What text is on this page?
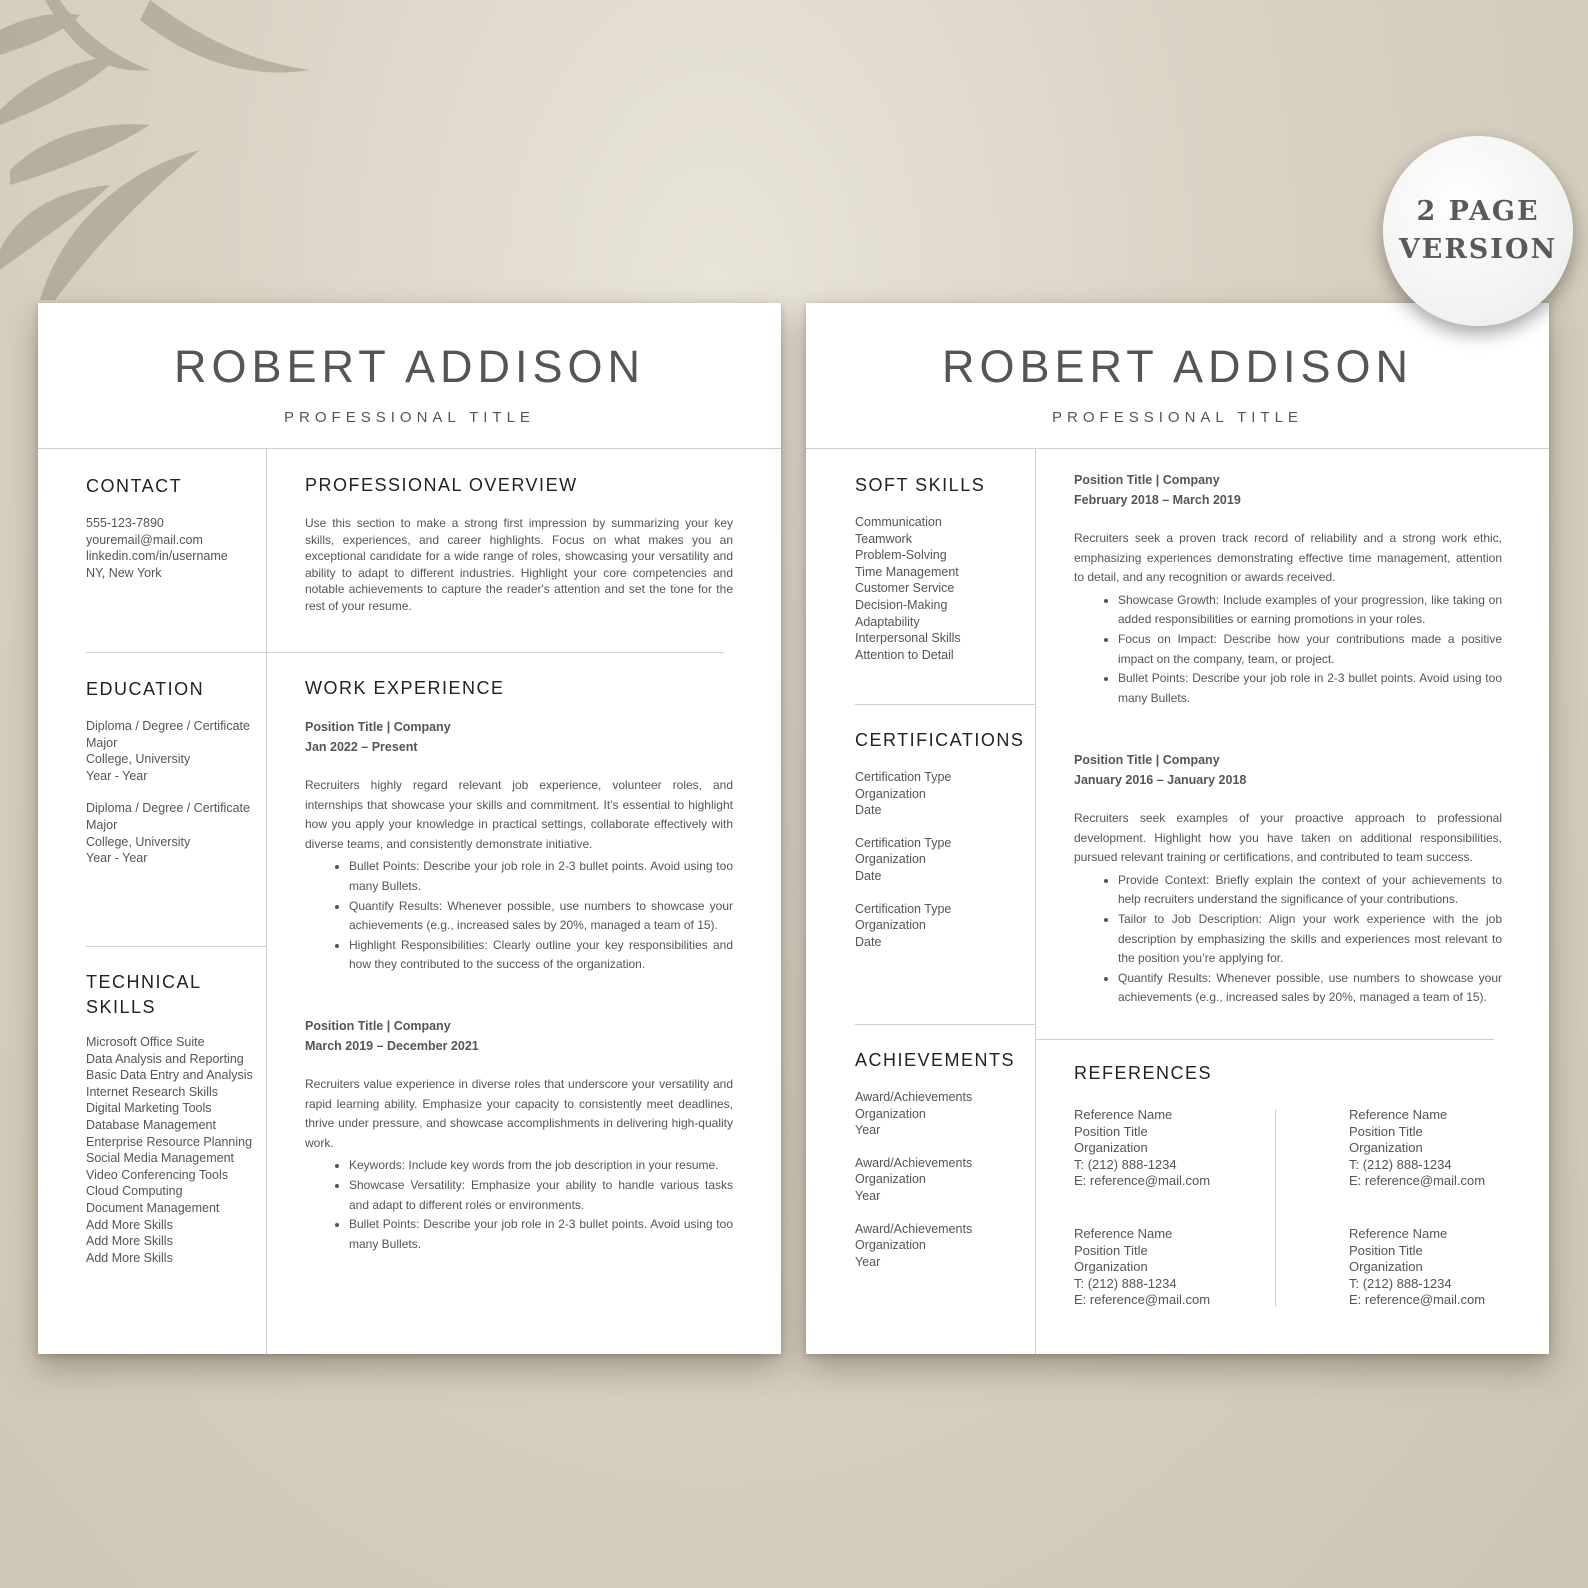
ROBERT ADDISON
PROFESSIONAL TITLE
CONTACT
555-123-7890
youremail@mail.com
linkedin.com/in/username
NY, New York
EDUCATION
Diploma / Degree / Certificate
Major
College, University
Year - Year
Diploma / Degree / Certificate
Major
College, University
Year - Year
TECHNICAL
SKILLS
Microsoft Office Suite
Data Analysis and Reporting
Basic Data Entry and Analysis
Internet Research Skills
Digital Marketing Tools
Database Management
Enterprise Resource Planning
Social Media Management
Video Conferencing Tools
Cloud Computing
Document Management
Add More Skills
Add More Skills
Add More Skills
PROFESSIONAL OVERVIEW

Use this section to make a strong first impression by summarizing your key skills, experiences, and career highlights. Focus on what makes you an exceptional candidate for a wide range of roles, showcasing your versatility and ability to adapt to different industries. Highlight your core competencies and notable achievements to capture the reader's attention and set the tone for the rest of your resume.

WORK EXPERIENCE
Position Title | Company
Jan 2022 – Present

Recruiters highly regard relevant job experience, volunteer roles, and internships that showcase your skills and commitment. It's essential to highlight how you apply your knowledge in practical settings, collaborate effectively with diverse teams, and consistently demonstrate initiative.

• Bullet Points: Describe your job role in 2-3 bullet points. Avoid using too many Bullets.
• Quantify Results: Whenever possible, use numbers to showcase your achievements (e.g., increased sales by 20%, managed a team of 15).
• Highlight Responsibilities: Clearly outline your key responsibilities and how they contributed to the success of the organization.
Position Title | Company
March 2019 – December 2021

Recruiters value experience in diverse roles that underscore your versatility and rapid learning ability. Emphasize your capacity to consistently meet deadlines, thrive under pressure, and showcase accomplishments in delivering high-quality work.

• Keywords: Include key words from the job description in your resume.
• Showcase Versatility: Emphasize your ability to handle various tasks and adapt to different roles or environments.
• Bullet Points: Describe your job role in 2-3 bullet points. Avoid using too many Bullets.
ROBERT ADDISON
PROFESSIONAL TITLE
SOFT SKILLS
Communication
Teamwork
Problem-Solving
Time Management
Customer Service
Decision-Making
Adaptability
Interpersonal Skills
Attention to Detail
CERTIFICATIONS
Certification Type
Organization
Date
Certification Type
Organization
Date
Certification Type
Organization
Date
ACHIEVEMENTS
Award/Achievements
Organization
Year
Award/Achievements
Organization
Year
Award/Achievements
Organization
Year
Position Title | Company
February 2018 – March 2019

Recruiters seek a proven track record of reliability and a strong work ethic, emphasizing experiences demonstrating effective time management, attention to detail, and any recognition or awards received.

• Showcase Growth: Include examples of your progression, like taking on added responsibilities or earning promotions in your roles.
• Focus on Impact: Describe how your contributions made a positive impact on the company, team, or project.
• Bullet Points: Describe your job role in 2-3 bullet points. Avoid using too many Bullets.
Position Title | Company
January 2016 – January 2018

Recruiters seek examples of your proactive approach to professional development. Highlight how you have taken on additional responsibilities, pursued relevant training or certifications, and contributed to team success.

• Provide Context: Briefly explain the context of your achievements to help recruiters understand the significance of your contributions.
• Tailor to Job Description: Align your work experience with the job description by emphasizing the skills and experiences most relevant to the position you’re applying for.
• Quantify Results: Whenever possible, use numbers to showcase your achievements (e.g., increased sales by 20%, managed a team of 15).
REFERENCES
Reference Name
Position Title
Organization
T: (212) 888-1234
E: reference@mail.com
Reference Name
Position Title
Organization
T: (212) 888-1234
E: reference@mail.com
Reference Name
Position Title
Organization
T: (212) 888-1234
E: reference@mail.com
Reference Name
Position Title
Organization
T: (212) 888-1234
E: reference@mail.com
2 PAGE
VERSION
